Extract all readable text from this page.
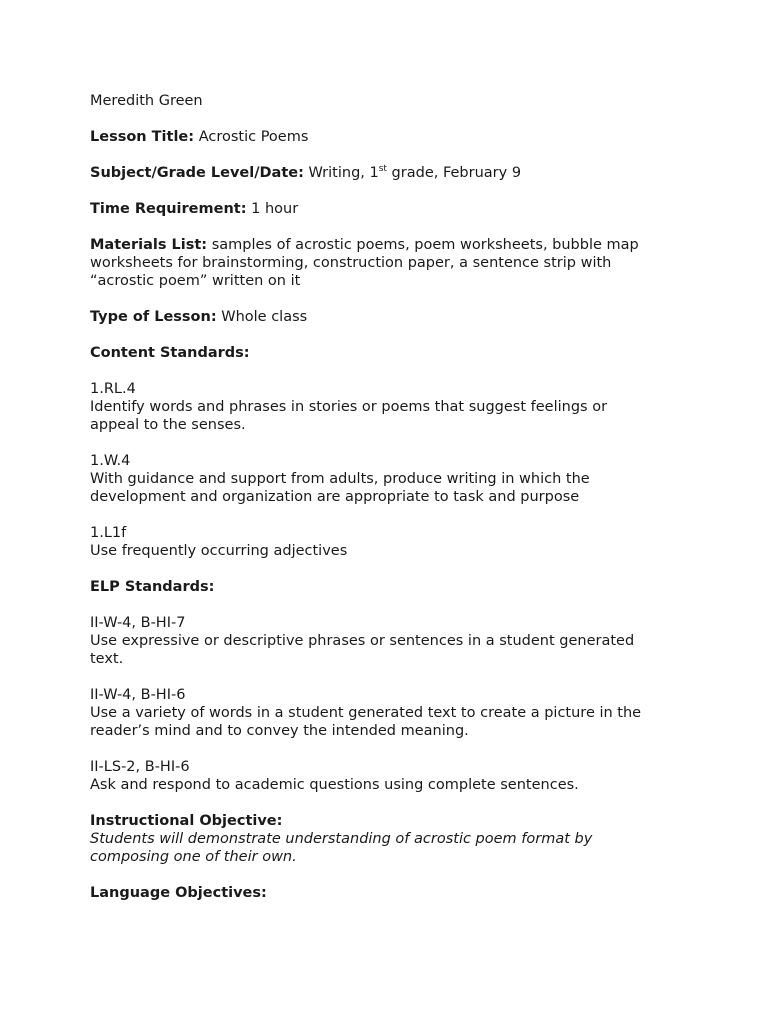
Meredith Green

Lesson Title: Acrostic Poems

Subject/Grade Level/Date: Writing, 1st grade, February 9

Time Requirement: 1 hour

Materials List: samples of acrostic poems, poem worksheets, bubble map

worksheets for brainstorming, construction paper, a sentence strip with

“acrostic poem” written on it

Type of Lesson: Whole class

Content Standards:

1.RL.4

Identify words and phrases in stories or poems that suggest feelings or

appeal to the senses.

1.W.4

With guidance and support from adults, produce writing in which the

development and organization are appropriate to task and purpose

1.L1f

Use frequently occurring adjectives

ELP Standards:

II-W-4, B-HI-7

Use expressive or descriptive phrases or sentences in a student generated

text.

II-W-4, B-HI-6

Use a variety of words in a student generated text to create a picture in the

reader’s mind and to convey the intended meaning.

II-LS-2, B-HI-6

Ask and respond to academic questions using complete sentences.

Instructional Objective:

Students will demonstrate understanding of acrostic poem format by

composing one of their own.

Language Objectives:
